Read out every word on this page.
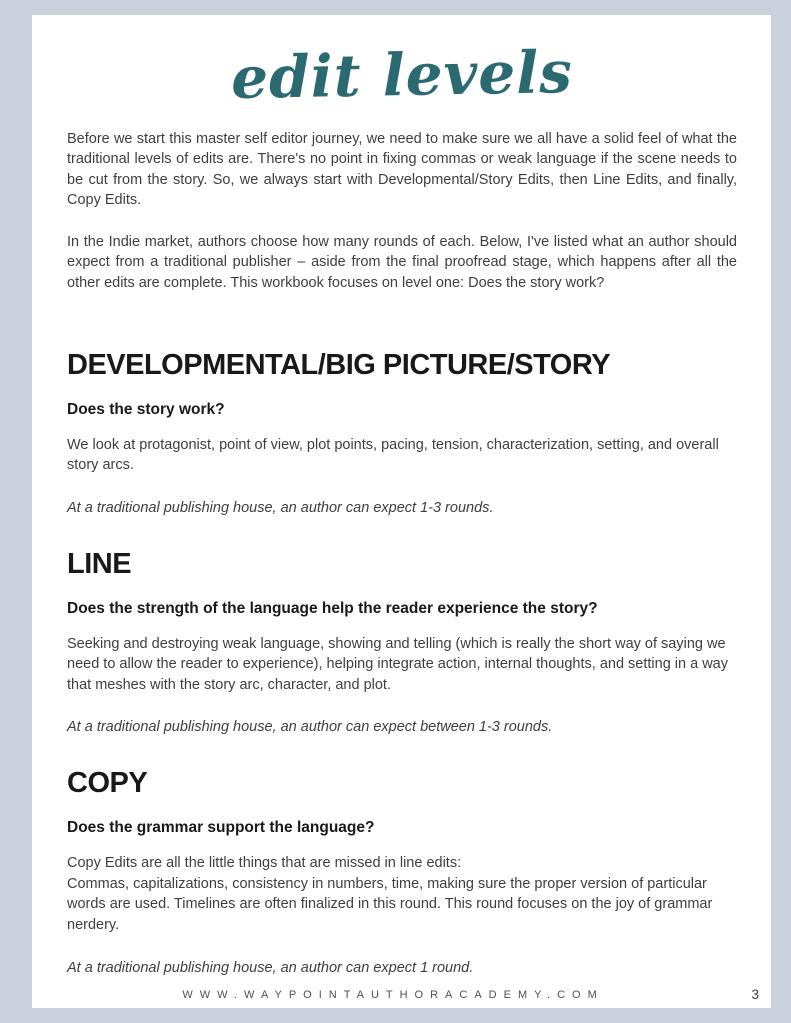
edit levels

Before we start this master self editor journey, we need to make sure we all have a solid feel of what the traditional levels of edits are. There's no point in fixing commas or weak language if the scene needs to be cut from the story. So, we always start with Developmental/Story Edits, then Line Edits, and finally, Copy Edits.

In the Indie market, authors choose how many rounds of each. Below, I've listed what an author should expect from a traditional publisher – aside from the final proofread stage, which happens after all the other edits are complete. This workbook focuses on level one: Does the story work?

DEVELOPMENTAL/BIG PICTURE/STORY
Does the story work?
We look at protagonist, point of view, plot points, pacing, tension, characterization, setting, and overall story arcs.

At a traditional publishing house, an author can expect 1-3 rounds.

LINE
Does the strength of the language help the reader experience the story?
Seeking and destroying weak language, showing and telling (which is really the short way of saying we need to allow the reader to experience), helping integrate action, internal thoughts, and setting in a way that meshes with the story arc, character, and plot.

At a traditional publishing house, an author can expect between 1-3 rounds.

COPY
Does the grammar support the language?
Copy Edits are all the little things that are missed in line edits:
Commas, capitalizations, consistency in numbers, time, making sure the proper version of particular words are used. Timelines are often finalized in this round. This round focuses on the joy of grammar nerdery.

At a traditional publishing house, an author can expect 1 round.

WWW.WAYPOINTAUTHORACADEMY.COM	3
